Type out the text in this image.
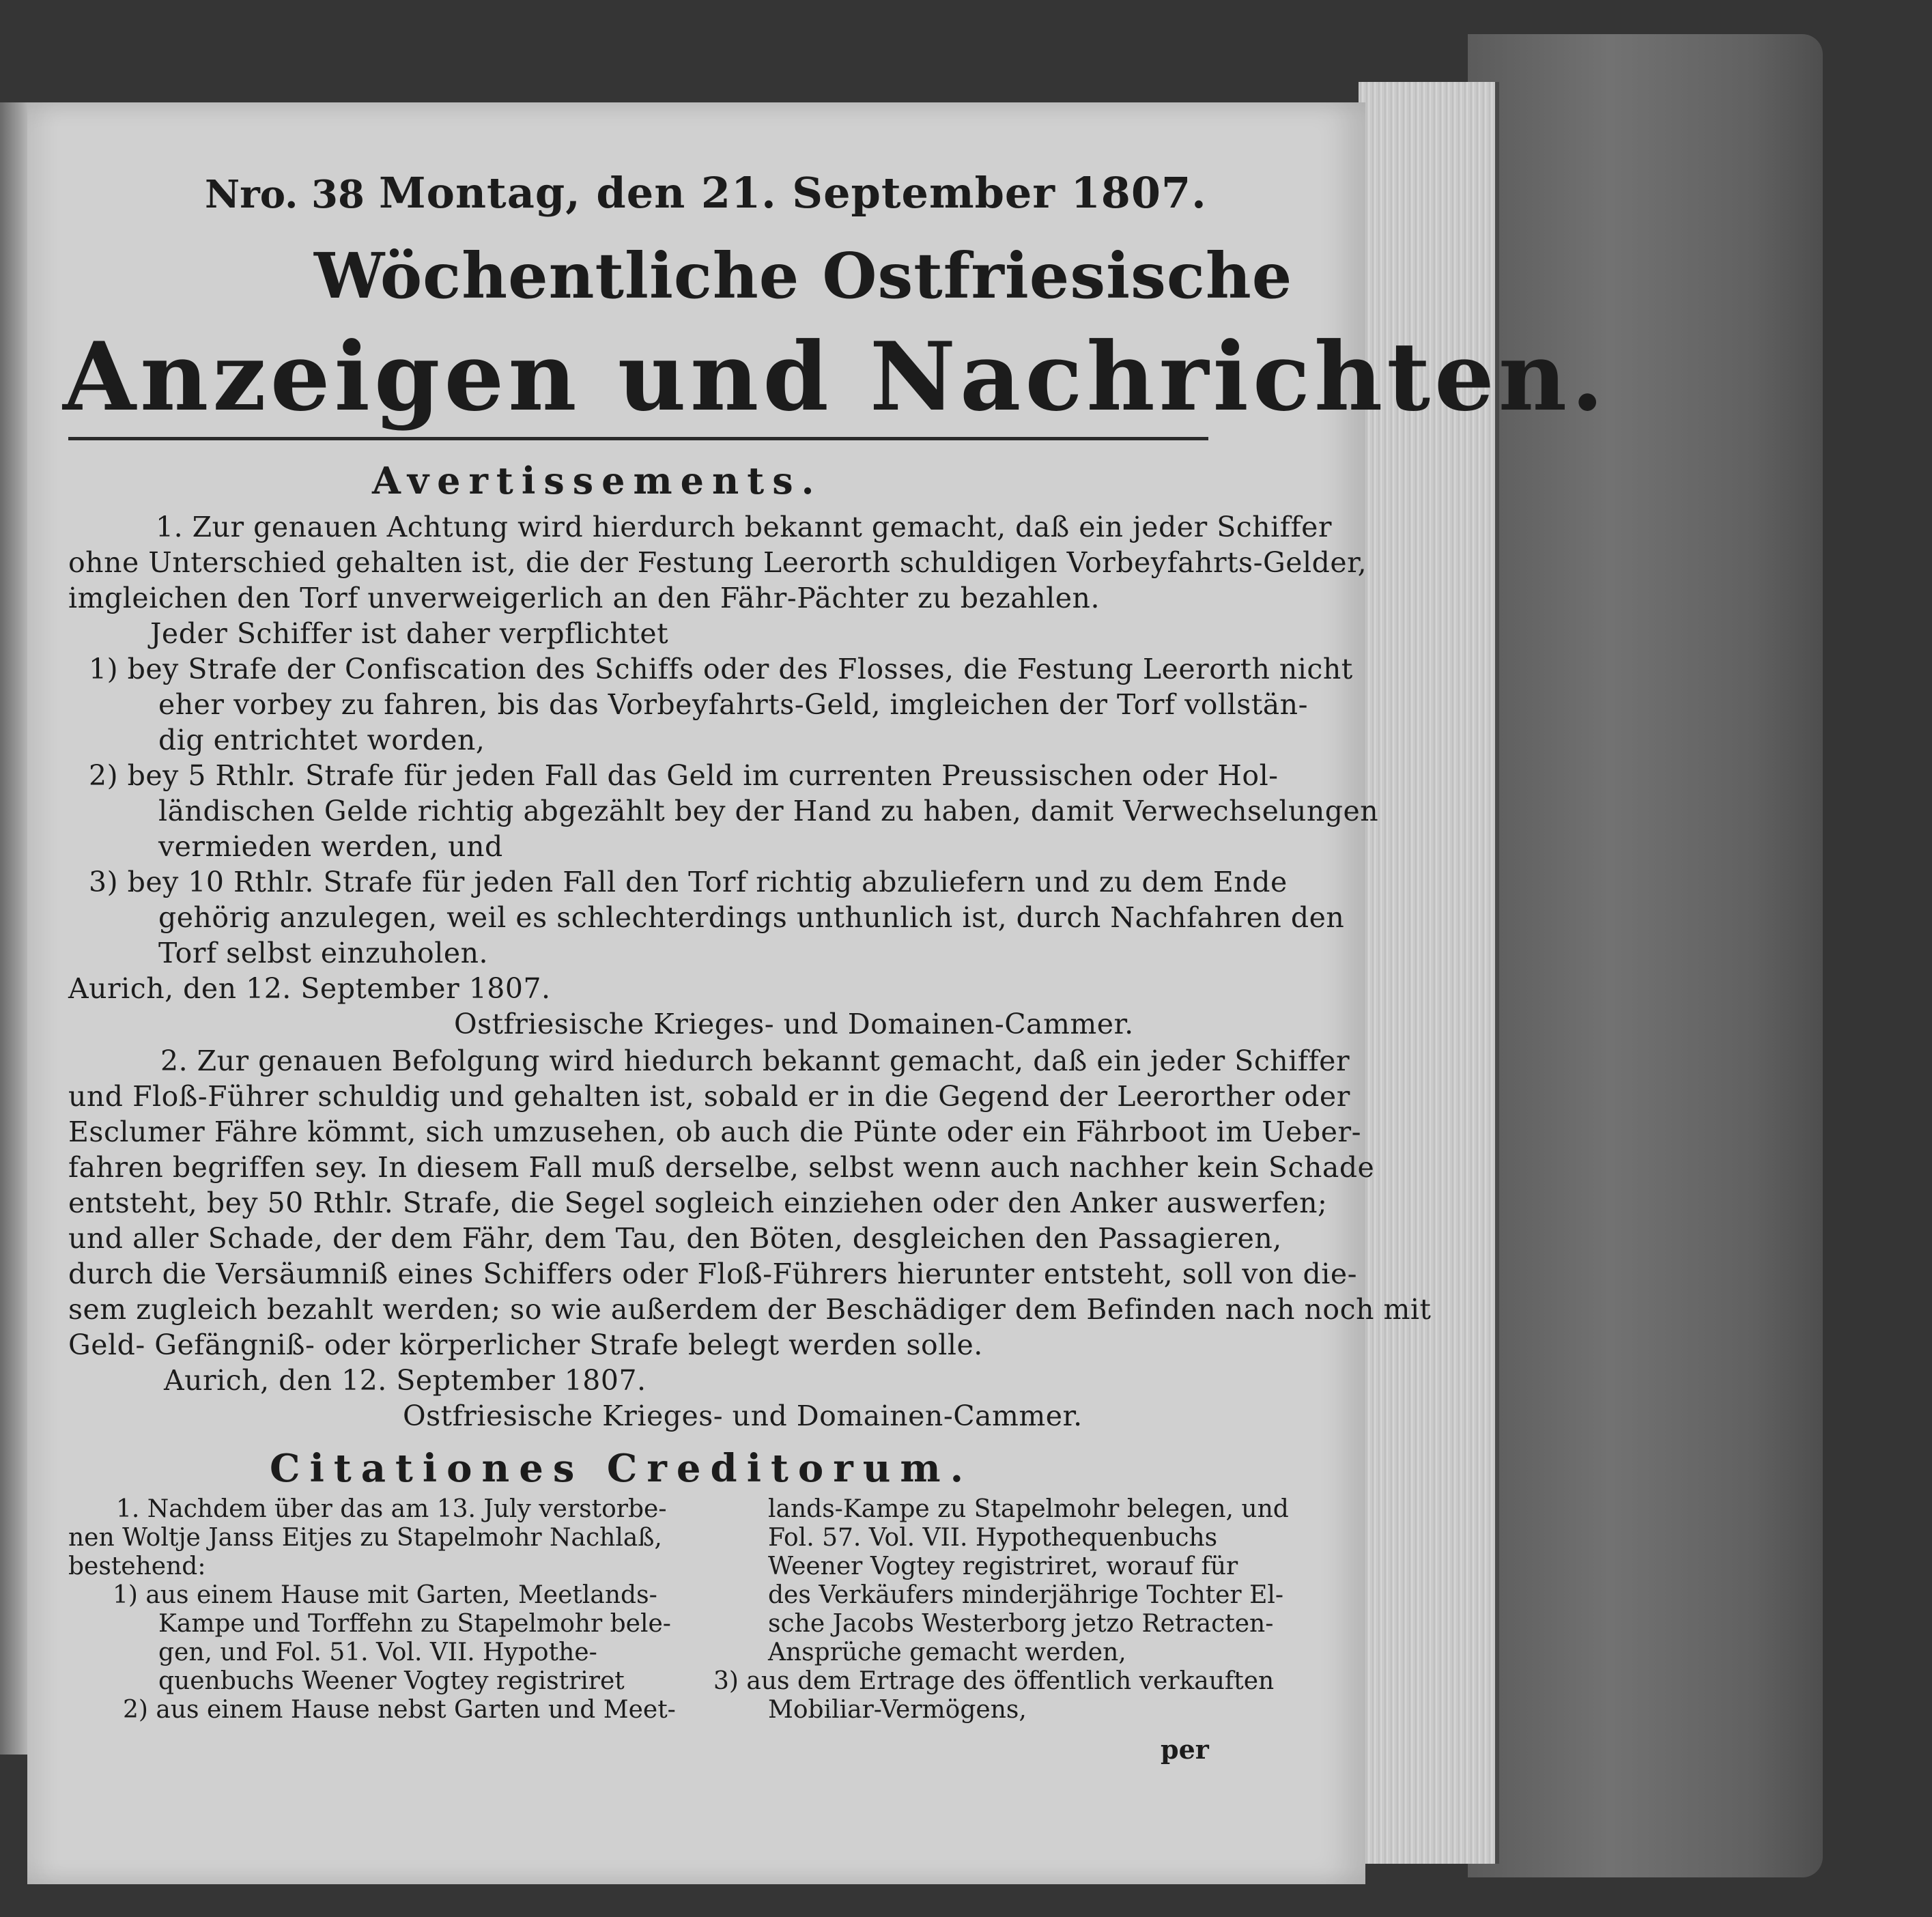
Nro. 38 Montag, den 21. September 1807.
Wöchentliche Ostfriesische
Anzeigen und Nachrichten.
Avertissements.
1. Zur genauen Achtung wird hierdurch bekannt gemacht, daß ein jeder Schiffer
ohne Unterschied gehalten ist, die der Festung Leerorth schuldigen Vorbeyfahrts-Gelder,
imgleichen den Torf unverweigerlich an den Fähr-Pächter zu bezahlen.
Jeder Schiffer ist daher verpflichtet
1) bey Strafe der Confiscation des Schiffs oder des Flosses, die Festung Leerorth nicht
eher vorbey zu fahren, bis das Vorbeyfahrts-Geld, imgleichen der Torf vollstän-
dig entrichtet worden,
2) bey 5 Rthlr. Strafe für jeden Fall das Geld im currenten Preussischen oder Hol-
ländischen Gelde richtig abgezählt bey der Hand zu haben, damit Verwechselungen
vermieden werden, und
3) bey 10 Rthlr. Strafe für jeden Fall den Torf richtig abzuliefern und zu dem Ende
gehörig anzulegen, weil es schlechterdings unthunlich ist, durch Nachfahren den
Torf selbst einzuholen.
Aurich, den 12. September 1807.
Ostfriesische Krieges- und Domainen-Cammer.
2. Zur genauen Befolgung wird hiedurch bekannt gemacht, daß ein jeder Schiffer
und Floß-Führer schuldig und gehalten ist, sobald er in die Gegend der Leerorther oder
Esclumer Fähre kömmt, sich umzusehen, ob auch die Pünte oder ein Fährboot im Ueber-
fahren begriffen sey. In diesem Fall muß derselbe, selbst wenn auch nachher kein Schade
entsteht, bey 50 Rthlr. Strafe, die Segel sogleich einziehen oder den Anker auswerfen;
und aller Schade, der dem Fähr, dem Tau, den Böten, desgleichen den Passagieren,
durch die Versäumniß eines Schiffers oder Floß-Führers hierunter entsteht, soll von die-
sem zugleich bezahlt werden; so wie außerdem der Beschädiger dem Befinden nach noch mit
Geld- Gefängniß- oder körperlicher Strafe belegt werden solle.
Aurich, den 12. September 1807.
Ostfriesische Krieges- und Domainen-Cammer.
Citationes Creditorum.
1. Nachdem über das am 13. July verstorbe-
nen Woltje Janss Eitjes zu Stapelmohr Nachlaß,
bestehend:
1) aus einem Hause mit Garten, Meetlands-
Kampe und Torffehn zu Stapelmohr bele-
gen, und Fol. 51. Vol. VII. Hypothe-
quenbuchs Weener Vogtey registriret
2) aus einem Hause nebst Garten und Meet-
lands-Kampe zu Stapelmohr belegen, und
Fol. 57. Vol. VII. Hypothequenbuchs
Weener Vogtey registriret, worauf für
des Verkäufers minderjährige Tochter El-
sche Jacobs Westerborg jetzo Retracten-
Ansprüche gemacht werden,
3) aus dem Ertrage des öffentlich verkauften
Mobiliar-Vermögens,
per
